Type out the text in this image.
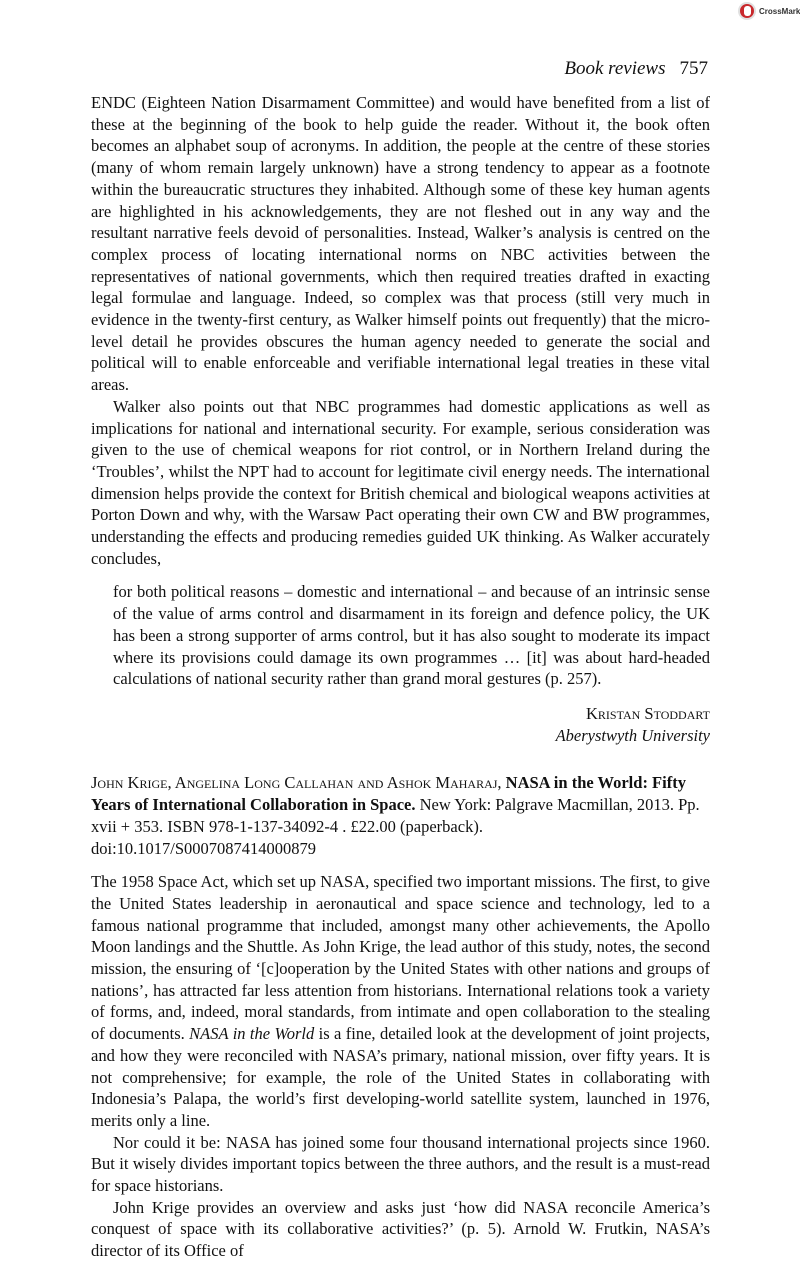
CrossMark
Book reviews 757

ENDC (Eighteen Nation Disarmament Committee) and would have benefited from a list of these at the beginning of the book to help guide the reader. Without it, the book often becomes an alphabet soup of acronyms. In addition, the people at the centre of these stories (many of whom remain largely unknown) have a strong tendency to appear as a footnote within the bureaucratic structures they inhabited. Although some of these key human agents are highlighted in his acknowledgements, they are not fleshed out in any way and the resultant narrative feels devoid of personalities. Instead, Walker’s analysis is centred on the complex process of locating international norms on NBC activities between the representatives of national governments, which then required treaties drafted in exacting legal formulae and language. Indeed, so complex was that process (still very much in evidence in the twenty-first century, as Walker himself points out frequently) that the micro-level detail he provides obscures the human agency needed to generate the social and political will to enable enforceable and verifiable international legal treaties in these vital areas.

Walker also points out that NBC programmes had domestic applications as well as implications for national and international security. For example, serious consideration was given to the use of chemical weapons for riot control, or in Northern Ireland during the ‘Troubles’, whilst the NPT had to account for legitimate civil energy needs. The international dimension helps provide the context for British chemical and biological weapons activities at Porton Down and why, with the Warsaw Pact operating their own CW and BW programmes, understanding the effects and producing remedies guided UK thinking. As Walker accurately concludes,

for both political reasons – domestic and international – and because of an intrinsic sense of the value of arms control and disarmament in its foreign and defence policy, the UK has been a strong supporter of arms control, but it has also sought to moderate its impact where its provisions could damage its own programmes … [it] was about hard-headed calculations of national security rather than grand moral gestures (p. 257).

Kristan Stoddart
Aberystwyth University

John Krige, Angelina Long Callahan and Ashok Maharaj, NASA in the World: Fifty Years of International Collaboration in Space. New York: Palgrave Macmillan, 2013. Pp. xvii + 353. ISBN 978-1-137-34092-4 . £22.00 (paperback).
doi:10.1017/S0007087414000879

The 1958 Space Act, which set up NASA, specified two important missions. The first, to give the United States leadership in aeronautical and space science and technology, led to a famous national programme that included, amongst many other achievements, the Apollo Moon landings and the Shuttle. As John Krige, the lead author of this study, notes, the second mission, the ensuring of ‘[c]ooperation by the United States with other nations and groups of nations’, has attracted far less attention from historians. International relations took a variety of forms, and, indeed, moral standards, from intimate and open collaboration to the stealing of documents. NASA in the World is a fine, detailed look at the development of joint projects, and how they were reconciled with NASA’s primary, national mission, over fifty years. It is not comprehensive; for example, the role of the United States in collaborating with Indonesia’s Palapa, the world’s first developing-world satellite system, launched in 1976, merits only a line.

Nor could it be: NASA has joined some four thousand international projects since 1960. But it wisely divides important topics between the three authors, and the result is a must-read for space historians.

John Krige provides an overview and asks just ‘how did NASA reconcile America’s conquest of space with its collaborative activities?’ (p. 5). Arnold W. Frutkin, NASA’s director of its Office of
